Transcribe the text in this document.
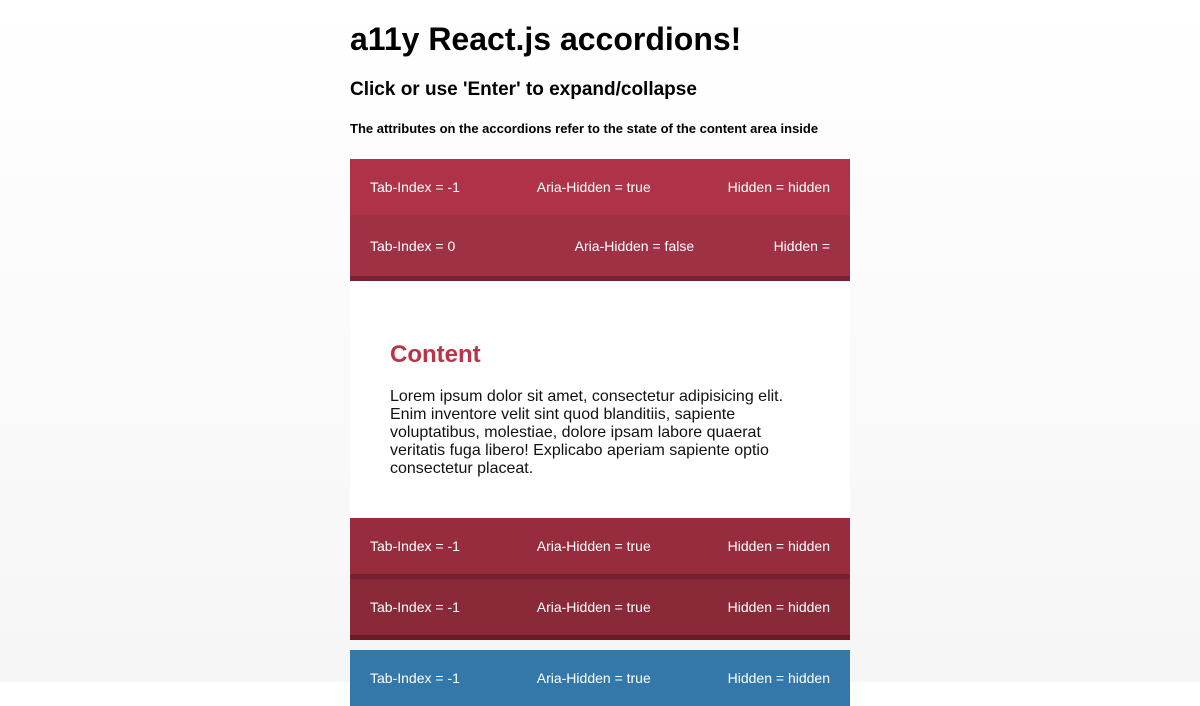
a11y React.js accordions!
Click or use 'Enter' to expand/collapse

The attributes on the accordions refer to the state of the content area inside

Tab-Index = -1	Aria-Hidden = true	Hidden = hidden
Tab-Index = 0	Aria-Hidden = false	Hidden =
Content

Lorem ipsum dolor sit amet, consectetur adipisicing elit. Enim inventore velit sint quod blanditiis, sapiente voluptatibus, molestiae, dolore ipsam labore quaerat veritatis fuga libero! Explicabo aperiam sapiente optio consectetur placeat.

Tab-Index = -1	Aria-Hidden = true	Hidden = hidden
Tab-Index = -1	Aria-Hidden = true	Hidden = hidden
Tab-Index = -1	Aria-Hidden = true	Hidden = hidden
